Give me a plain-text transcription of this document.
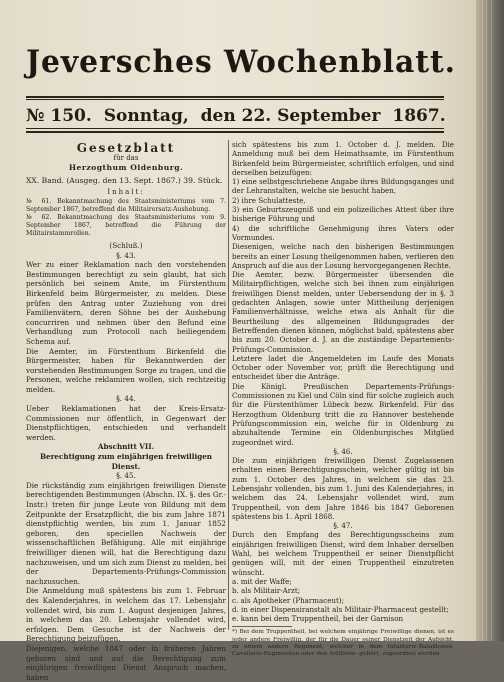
Jeversches Wochenblatt.
№ 150. Sonntag, den 22. September 1867.
Gesetzblatt
für das
Herzogthum Oldenburg.
XX. Band. (Ausgeg. den 13. Sept. 1867.) 39. Stück.
Inhalt:

№ 61. Bekanntmachung des Staatsministeriums vom 7. September 1867, betreffend die Militairersatz-Aushebung.

№ 62. Bekanntmachung des Staatsministeriums vom 9. September 1867, betreffend die Führung der Militairstammrollen.

(Schluß.)
§. 43.

Wer zu einer Reklamation nach den vorstehenden Bestimmungen berechtigt zu sein glaubt, hat sich persönlich bei seinem Amte, im Fürstenthum Birkenfeld beim Bürgermeister, zu melden. Diese prüfen den Antrag unter Zuziehung von drei Familienvätern, deren Söhne bei der Aushebung concurriren und nehmen über den Befund eine Verhandlung zum Protocoll nach beiliegendem Schema auf.

Die Aemter, im Fürstenthum Birkenfeld die Bürgermeister, haben für Bekanntwerden der vorstehenden Bestimmungen Sorge zu tragen, und die Personen, welche reklamiren wollen, sich rechtzeitig melden.

§. 44.

Ueber Reklamationen hat der Kreis-Ersatz-Commissionen nur öffentlich, in Gegenwart der Dienstpflichtigen, entschieden und verhandelt werden.

Abschnitt VII.
Berechtigung zum einjährigen freiwilligen Dienst.
§. 45.

Die rückständig zum einjährigen freiwilligen Dienste berechtigenden Bestimmungen (Abschn. IX. §. des Gr.-Instr.) treten für junge Leute von Bildung mit dem Zeitpunkte der Ersatzpflicht, die bis zum Jahre 1871 dienstpflichtig werden, bis zum 1. Januar 1852 geboren, den speciellen Nachweis der wissenschaftlichen Befähigung. Alle mit einjährige freiwilliger dienen will, hat die Berechtigung dazu nachzuweisen, und um sich zum Dienst zu melden, bei der Departements-Prüfungs-Commission nachzusuchen.

Die Anmeldung muß spätestens bis zum 1. Februar des Kalenderjahres, in welchem das 17. Lebensjahr vollendet wird, bis zum 1. August desjenigen Jahres, in welchem das 20. Lebensjahr vollendet wird, erfolgen. Dem Gesuche ist der Nachweis der Berechtigung beizufügen.

Diejenigen, welche 1847 oder in früheren Jahren geboren sind und auf die Berechtigung zum einjährigen freiwilligen Dienst Anspruch machen, haben

sich spätestens bis zum 1. October d. J. melden. Die Anmeldung muß bei dem Heimathsamte, im Fürstenthum Birkenfeld beim Bürgermeister, schriftlich erfolgen, und sind derselben beizufügen:

1) eine selbstgeschriebene Angabe ihres Bildungsganges und der Lehranstalten, welche sie besucht haben,

2) ihre Schulatteste,

3) ein Geburtszeugniß und ein polizeiliches Attest über ihre bisherige Führung und

4) die schriftliche Genehmigung ihres Vaters oder Vormundes.

Diesenigen, welche nach den bisherigen Bestimmungen bereits an einer Losung theilgenommen haben, verlieren den Anspruch auf die aus der Losung hervorgegangenen Rechte.

Die Aemter, bezw. Bürgermeister übersenden die Militairpflichtigen, welche sich bei ihnen zum einjährigen freiwilligen Dienst melden, unter Uebersendung der in §. 3 gedachten Anlagen, sowie unter Mittheilung derjenigen Familienverhältnisse, welche etwa als Anhalt für die Beurtheilung des allgemeinen Bildungsgrades der Betreffenden dienen können, möglichst bald, spätestens aber bis zum 20. October d. J. an die zuständige Departements-Prüfungs-Commission.

Letztere ladet die Angemeldeten im Laufe des Monats October oder November vor, prüft die Berechtigung und entscheidet über die Anträge.

Die Königl. Preußischen Departements-Prüfungs-Commissionen zu Kiel und Cöln sind für solche zugleich auch für die Fürstenthümer Lübeck bezw. Birkenfeld. Für das Herzogthum Oldenburg tritt die zu Hannover bestehende Prüfungscommission ein, welche für in Oldenburg zu abzuhaltende Termine ein Oldenburgisches Mitglied zugeordnet wird.

§. 46.

Die zum einjährigen freiwilligen Dienst Zugelassenen erhalten einen Berechtigungsschein, welcher gültig ist bis zum 1. October des Jahres, in welchem sie das 23. Lebensjahr vollenden, bis zum 1. Juni des Kalenderjahres, in welchem das 24. Lebensjahr vollendet wird, zum Truppentheil, von dem Jahre 1846 bis 1847 Geborenen spätestens bis 1. April 1868.

§. 47.

Durch den Empfang des Berechtigungsscheins zum einjährigen freiwilligen Dienst, wird dem Inhaber derselben Wahl, bei welchem Truppentheil er seiner Dienstpflicht genügen will, mit der einen Truppentheil einzutreten wünscht.

a. mit der Waffe;

b. als Militair-Arzt;

c. als Apotheker (Pharmaceut);

d. in einer Dispensiranstalt als Militair-Pharmaceut gestellt;

e. kann bei dem Truppentheil, bei der Garnison

*) Bei dem Truppentheil, bei welchem einjährige Freiwillige dienen, ist es jeder andere Freiwillig, der für die Dauer seiner Dienstzeit der Aufsicht, zu einem andern Regiment, welcher in dem Infanterie-Bataillonen, Cavallerie-Regimenten oder den Artillerie- gehört, zugeordnet werden.
